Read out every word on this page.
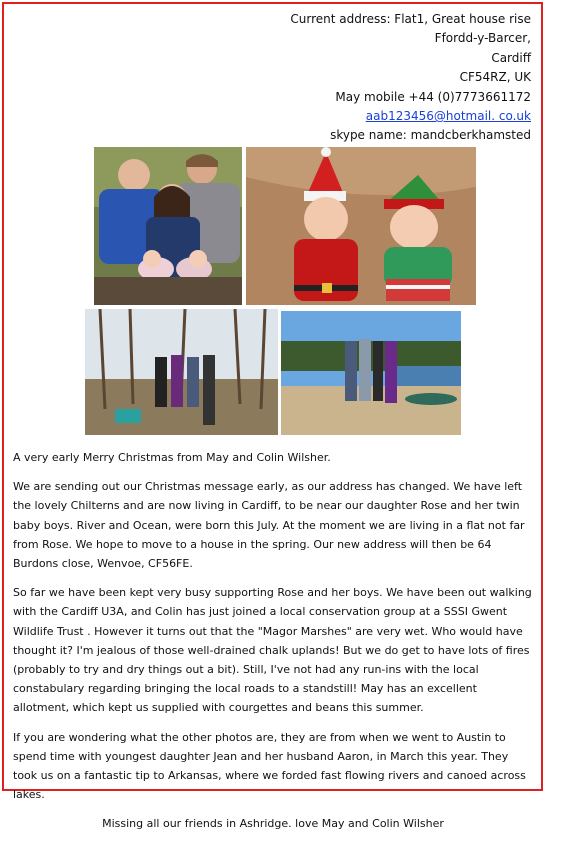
Current address: Flat1, Great house rise
Ffordd-y-Barcer,
Cardiff
CF54RZ, UK
May mobile +44 (0)7773661172
aab123456@hotmail. co.uk
skype name: mandcberkhamsted

A very early Merry Christmas from May and Colin Wilsher.

We are sending out our Christmas message early, as our address has changed. We have left the lovely Chilterns and are now living in Cardiff, to be near our daughter Rose and her twin baby boys. River and Ocean, were born this July. At the moment we are living in a flat not far from Rose. We hope to move to a house in the spring. Our new address will then be 64 Burdons close, Wenvoe, CF56FE.

So far we have been kept very busy supporting Rose and her boys. We have been out walking with the Cardiff U3A, and Colin has just joined a local conservation group at a SSSI Gwent Wildlife Trust . However it turns out that the "Magor Marshes" are very wet. Who would have thought it? I'm jealous of those well-drained chalk uplands! But we do get to have lots of fires (probably to try and dry things out a bit). Still, I've not had any run-ins with the local constabulary regarding bringing the local roads to a standstill! May has an excellent allotment, which kept us supplied with courgettes and beans this summer.

If you are wondering what the other photos are, they are from when we went to Austin to spend time with youngest daughter Jean and her husband Aaron, in March this year. They took us on a fantastic tip to Arkansas, where we forded fast flowing rivers and canoed across lakes.

Missing all our friends in Ashridge. love May and Colin Wilsher
